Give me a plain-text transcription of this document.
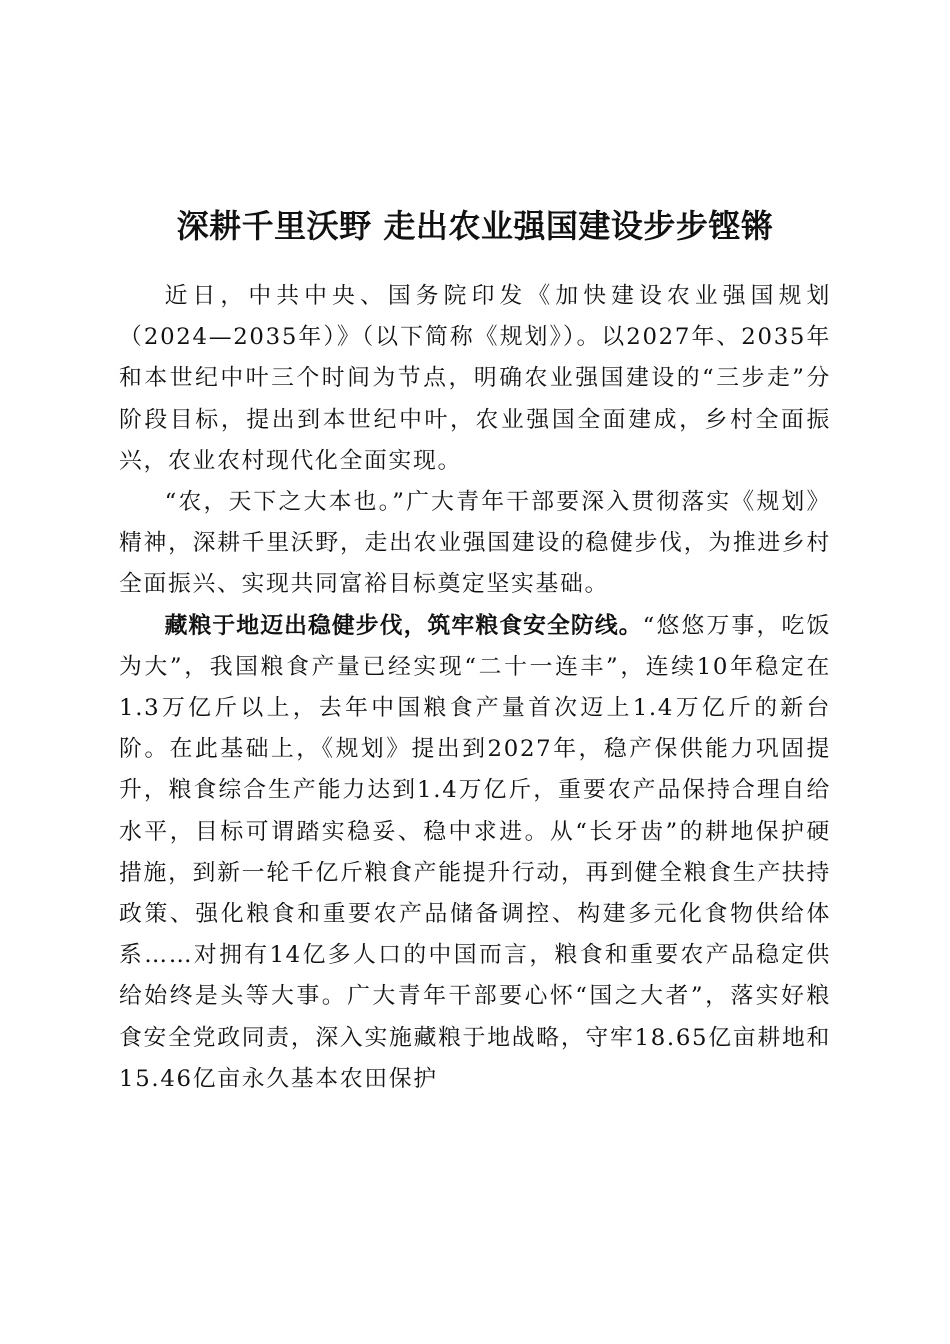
深耕千里沃野 走出农业强国建设步步铿锵

近日，中共中央、国务院印发《加快建设农业强国规划（2024—2035年）》（以下简称《规划》）。以2027年、2035年和本世纪中叶三个时间为节点，明确农业强国建设的“三步走”分阶段目标，提出到本世纪中叶，农业强国全面建成，乡村全面振兴，农业农村现代化全面实现。

“农，天下之大本也。”广大青年干部要深入贯彻落实《规划》精神，深耕千里沃野，走出农业强国建设的稳健步伐，为推进乡村全面振兴、实现共同富裕目标奠定坚实基础。

藏粮于地迈出稳健步伐，筑牢粮食安全防线。“悠悠万事，吃饭为大”，我国粮食产量已经实现“二十一连丰”，连续10年稳定在1.3万亿斤以上，去年中国粮食产量首次迈上1.4万亿斤的新台阶。在此基础上，《规划》提出到2027年，稳产保供能力巩固提升，粮食综合生产能力达到1.4万亿斤，重要农产品保持合理自给水平，目标可谓踏实稳妥、稳中求进。从“长牙齿”的耕地保护硬措施，到新一轮千亿斤粮食产能提升行动，再到健全粮食生产扶持政策、强化粮食和重要农产品储备调控、构建多元化食物供给体系……对拥有14亿多人口的中国而言，粮食和重要农产品稳定供给始终是头等大事。广大青年干部要心怀“国之大者”，落实好粮食安全党政同责，深入实施藏粮于地战略，守牢18.65亿亩耕地和15.46亿亩永久基本农田保护
